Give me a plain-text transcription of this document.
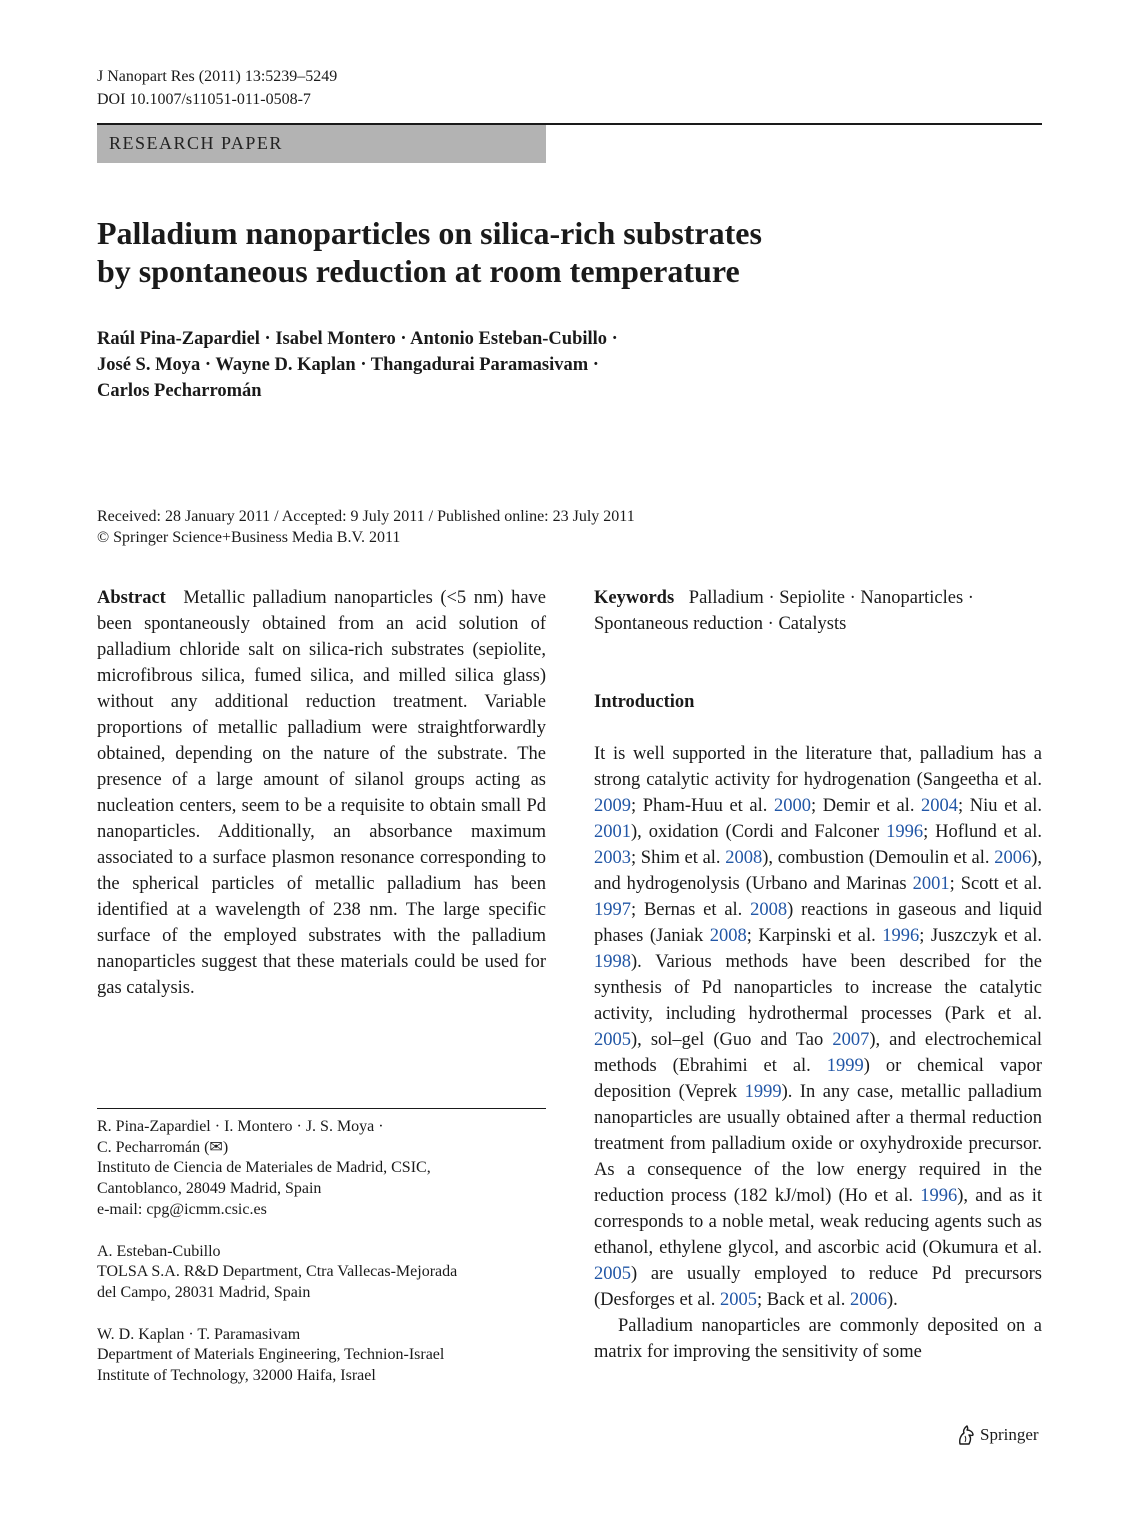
J Nanopart Res (2011) 13:5239–5249
DOI 10.1007/s11051-011-0508-7
RESEARCH PAPER
Palladium nanoparticles on silica-rich substrates
by spontaneous reduction at room temperature
Raúl Pina-Zapardiel · Isabel Montero · Antonio Esteban-Cubillo ·
José S. Moya · Wayne D. Kaplan · Thangadurai Paramasivam ·
Carlos Pecharromán
Received: 28 January 2011 / Accepted: 9 July 2011 / Published online: 23 July 2011
© Springer Science+Business Media B.V. 2011
Abstract Metallic palladium nanoparticles (<5 nm) have been spontaneously obtained from an acid solution of palladium chloride salt on silica-rich substrates (sepiolite, microfibrous silica, fumed silica, and milled silica glass) without any additional reduction treatment. Variable proportions of metallic palladium were straightforwardly obtained, depending on the nature of the substrate. The presence of a large amount of silanol groups acting as nucleation centers, seem to be a requisite to obtain small Pd nanoparticles. Additionally, an absorbance maximum associated to a surface plasmon resonance corresponding to the spherical particles of metallic palladium has been identified at a wavelength of 238 nm. The large specific surface of the employed substrates with the palladium nanoparticles suggest that these materials could be used for gas catalysis.
Keywords Palladium · Sepiolite · Nanoparticles · Spontaneous reduction · Catalysts
Introduction

It is well supported in the literature that, palladium has a strong catalytic activity for hydrogenation (Sangeetha et al. 2009; Pham-Huu et al. 2000; Demir et al. 2004; Niu et al. 2001), oxidation (Cordi and Falconer 1996; Hoflund et al. 2003; Shim et al. 2008), combustion (Demoulin et al. 2006), and hydrogenolysis (Urbano and Marinas 2001; Scott et al. 1997; Bernas et al. 2008) reactions in gaseous and liquid phases (Janiak 2008; Karpinski et al. 1996; Juszczyk et al. 1998). Various methods have been described for the synthesis of Pd nanoparticles to increase the catalytic activity, including hydrothermal processes (Park et al. 2005), sol–gel (Guo and Tao 2007), and electrochemical methods (Ebrahimi et al. 1999) or chemical vapor deposition (Veprek 1999). In any case, metallic palladium nanoparticles are usually obtained after a thermal reduction treatment from palladium oxide or oxyhydroxide precursor. As a consequence of the low energy required in the reduction process (182 kJ/mol) (Ho et al. 1996), and as it corresponds to a noble metal, weak reducing agents such as ethanol, ethylene glycol, and ascorbic acid (Okumura et al. 2005) are usually employed to reduce Pd precursors (Desforges et al. 2005; Back et al. 2006).

Palladium nanoparticles are commonly deposited on a matrix for improving the sensitivity of some

R. Pina-Zapardiel · I. Montero · J. S. Moya ·
C. Pecharromán (✉)
Instituto de Ciencia de Materiales de Madrid, CSIC,
Cantoblanco, 28049 Madrid, Spain
e-mail: cpg@icmm.csic.es
A. Esteban-Cubillo
TOLSA S.A. R&D Department, Ctra Vallecas-Mejorada
del Campo, 28031 Madrid, Spain
W. D. Kaplan · T. Paramasivam
Department of Materials Engineering, Technion-Israel
Institute of Technology, 32000 Haifa, Israel
Springer
